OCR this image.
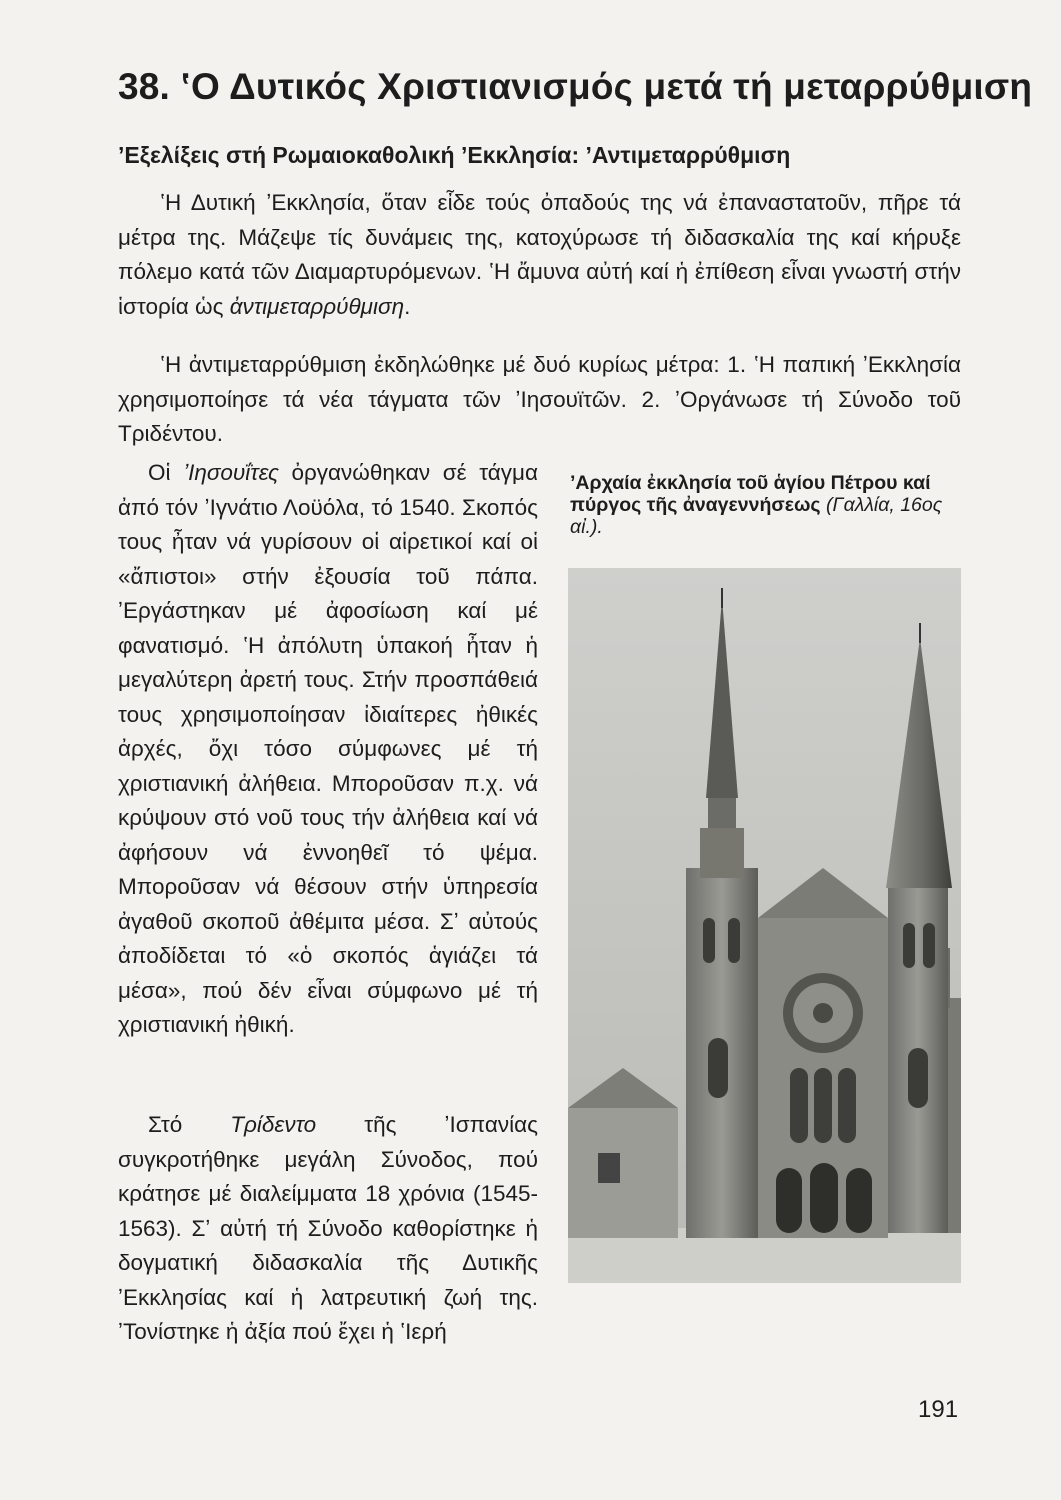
38. ʽΟ Δυτικός Χριστιανισμός μετά τή μεταρρύθμιση
ʼΕξελίξεις στή Ρωμαιοκαθολική ʼΕκκλησία: ʼΑντιμεταρρύθμιση

ʽΗ Δυτική ʼΕκκλησία, ὅταν εἶδε τούς ὀπαδούς της νά ἐπαναστατοῦν, πῆρε τά μέτρα της. Μάζεψε τίς δυνάμεις της, κατοχύρωσε τή διδασκαλία της καί κήρυξε πόλεμο κατά τῶν Διαμαρτυρόμενων. ʽΗ ἄμυνα αὐτή καί ἡ ἐπίθεση εἶναι γνωστή στήν ἱστορία ὡς ἀντιμεταρρύθμιση.

ʽΗ ἀντιμεταρρύθμιση ἐκδηλώθηκε μέ δυό κυρίως μέτρα: 1. ʽΗ παπική ʼΕκκλησία χρησιμοποίησε τά νέα τάγματα τῶν ʼΙησουϊτῶν. 2. ʼΟργάνωσε τή Σύνοδο τοῦ Τριδέντου.

Οἱ ʼΙησουΐτες ὀργανώθηκαν σέ τάγμα ἀπό τόν ʼΙγνάτιο Λοϋόλα, τό 1540. Σκοπός τους ἦταν νά γυρίσουν οἱ αἱρετικοί καί οἱ «ἄπιστοι» στήν ἐξουσία τοῦ πάπα. ʼΕργάστηκαν μέ ἀφοσίωση καί μέ φανατισμό. ʽΗ ἀπόλυτη ὑπακοή ἦταν ἡ μεγαλύτερη ἀρετή τους. Στήν προσπάθειά τους χρησιμοποίησαν ἰδιαίτερες ἠθικές ἀρχές, ὄχι τόσο σύμφωνες μέ τή χριστιανική ἀλήθεια. Μποροῦσαν π.χ. νά κρύψουν στό νοῦ τους τήν ἀλήθεια καί νά ἀφήσουν νά ἐννοηθεῖ τό ψέμα. Μποροῦσαν νά θέσουν στήν ὑπηρεσία ἀγαθοῦ σκοποῦ ἀθέμιτα μέσα. Σʼ αὐτούς ἀποδίδεται τό «ὁ σκοπός ἁγιάζει τά μέσα», πού δέν εἶναι σύμφωνο μέ τή χριστιανική ἠθική.

Στό Τρίδεντο τῆς ʼΙσπανίας συγκροτήθηκε μεγάλη Σύνοδος, πού κράτησε μέ διαλείμματα 18 χρόνια (1545-1563). Σʼ αὐτή τή Σύνοδο καθορίστηκε ἡ δογματική διδασκαλία τῆς Δυτικῆς ʼΕκκλησίας καί ἡ λατρευτική ζωή της. ʼΤονίστηκε ἡ ἀξία πού ἔχει ἡ ʽΙερή

ʼΑρχαία ἐκκλησία τοῦ ἁγίου Πέτρου καί πύργος τῆς ἀναγεννήσεως (Γαλλία, 16ος αἰ.).
191
